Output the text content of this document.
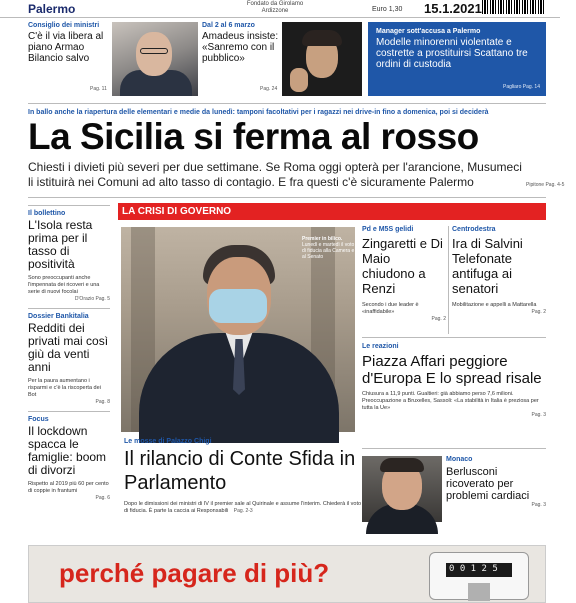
Palermo	Fondato da Girolamo Ardizzone	Euro 1,30 15.1.2021
Consiglio dei ministri
C'è il via libera al piano Armao Bilancio salvo
Pag. 11
Dal 2 al 6 marzo
Amadeus insiste: «Sanremo con il pubblico»
Pag. 24
Manager sott'accusa a Palermo
Modelle minorenni violentate e costrette a prostituirsi Scattano tre ordini di custodia
Pagliaro Pag. 14
In ballo anche la riapertura delle elementari e medie da lunedì: tamponi facoltativi per i ragazzi nei drive-in fino a domenica, poi si deciderà
La Sicilia si ferma al rosso
Chiesti i divieti più severi per due settimane. Se Roma oggi opterà per l'arancione, Musumeci li istituirà nei Comuni ad alto tasso di contagio. E fra questi c'è sicuramente Palermo	Pipitone Pag. 4-5
Il bollettino
L'Isola resta prima per il tasso di positività
Sono preoccupanti anche l'impennata dei ricoveri e una serie di nuovi focolai
D'Orazio Pag. 5
Dossier Bankitalia
Redditi dei privati mai così giù da venti anni
Per la paura aumentano i risparmi e c'è la riscoperta dei Bot
Pag. 8
Focus
Il lockdown spacca le famiglie: boom di divorzi
Rispetto al 2019 più 60 per cento di coppie in frantumi
Pag. 6
LA CRISI DI GOVERNO
Premier in bilico.
Lunedì e martedì il voto di fiducia alla Camera e al Senato
Le mosse di Palazzo Chigi
Il rilancio di Conte Sfida in Parlamento
Dopo le dimissioni dei ministri di IV il premier sale al Quirinale e assume l'interim. Chiederà il voto di fiducia. È parte la caccia ai Responsabili Pag. 2-3
Pd e M5S gelidi
Zingaretti e Di Maio chiudono a Renzi
Secondo i due leader è «inaffidabile»
Pag. 2
Centrodestra
Ira di Salvini Telefonate antifuga ai senatori
Mobilitazione e appelli a Mattarella
Pag. 2
Le reazioni
Piazza Affari peggiore d'Europa E lo spread risale
Chiusura a 11,9 punti. Gualtieri: già abbiamo perso 7,6 milioni. Preoccupazione a Bruxelles, Sassoli: «La stabilità in Italia è preziosa per tutta la Ue»
Pag. 3
Monaco
Berlusconi ricoverato per problemi cardiaci
Pag. 3
perché pagare di più?	0 0 1 2 5
